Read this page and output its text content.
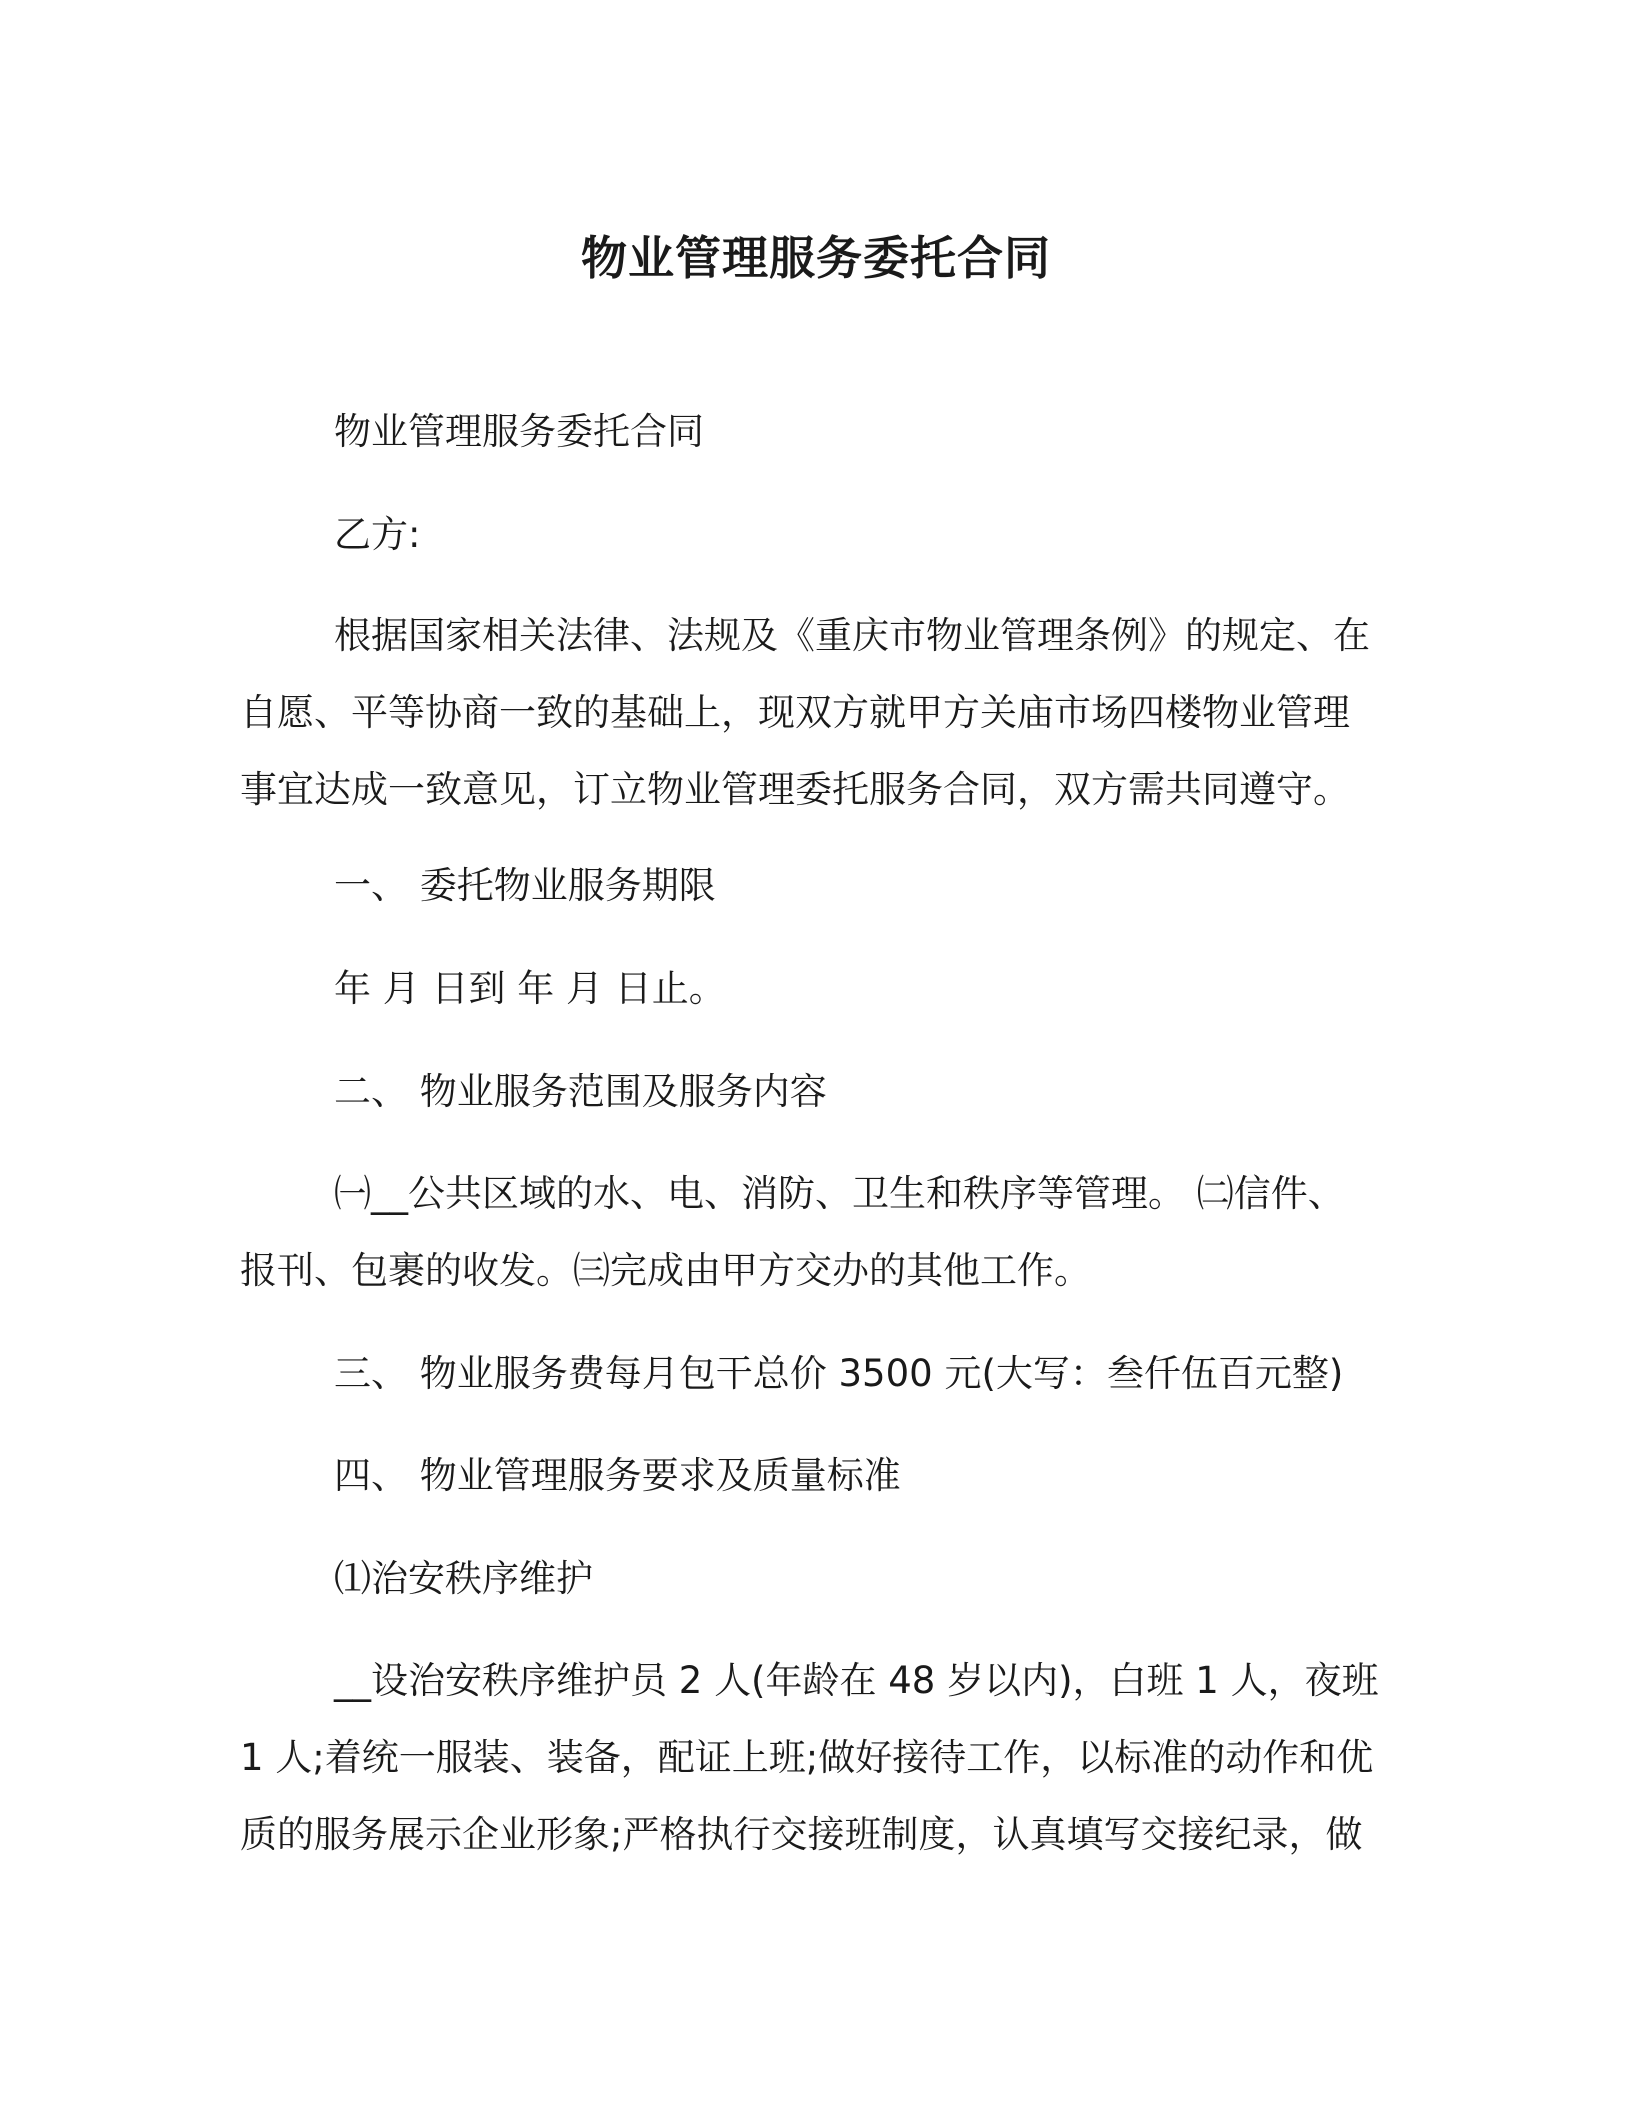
物业管理服务委托合同

物业管理服务委托合同

乙方:

根据国家相关法律、法规及《重庆市物业管理条例》的规定、在
自愿、平等协商一致的基础上，现双方就甲方关庙市场四楼物业管理
事宜达成一致意见，订立物业管理委托服务合同，双方需共同遵守。

一、 委托物业服务期限

年 月 日到 年 月 日止。

二、 物业服务范围及服务内容

㈠__公共区域的水、电、消防、卫生和秩序等管理。 ㈡信件、
报刊、包裹的收发。㈢完成由甲方交办的其他工作。

三、 物业服务费每月包干总价 3500 元(大写：叁仟伍百元整)

四、 物业管理服务要求及质量标准

⑴治安秩序维护

__设治安秩序维护员 2 人(年龄在 48 岁以内)，白班 1 人，夜班
1 人;着统一服装、装备，配证上班;做好接待工作，以标准的动作和优
质的服务展示企业形象;严格执行交接班制度，认真填写交接纪录，做
